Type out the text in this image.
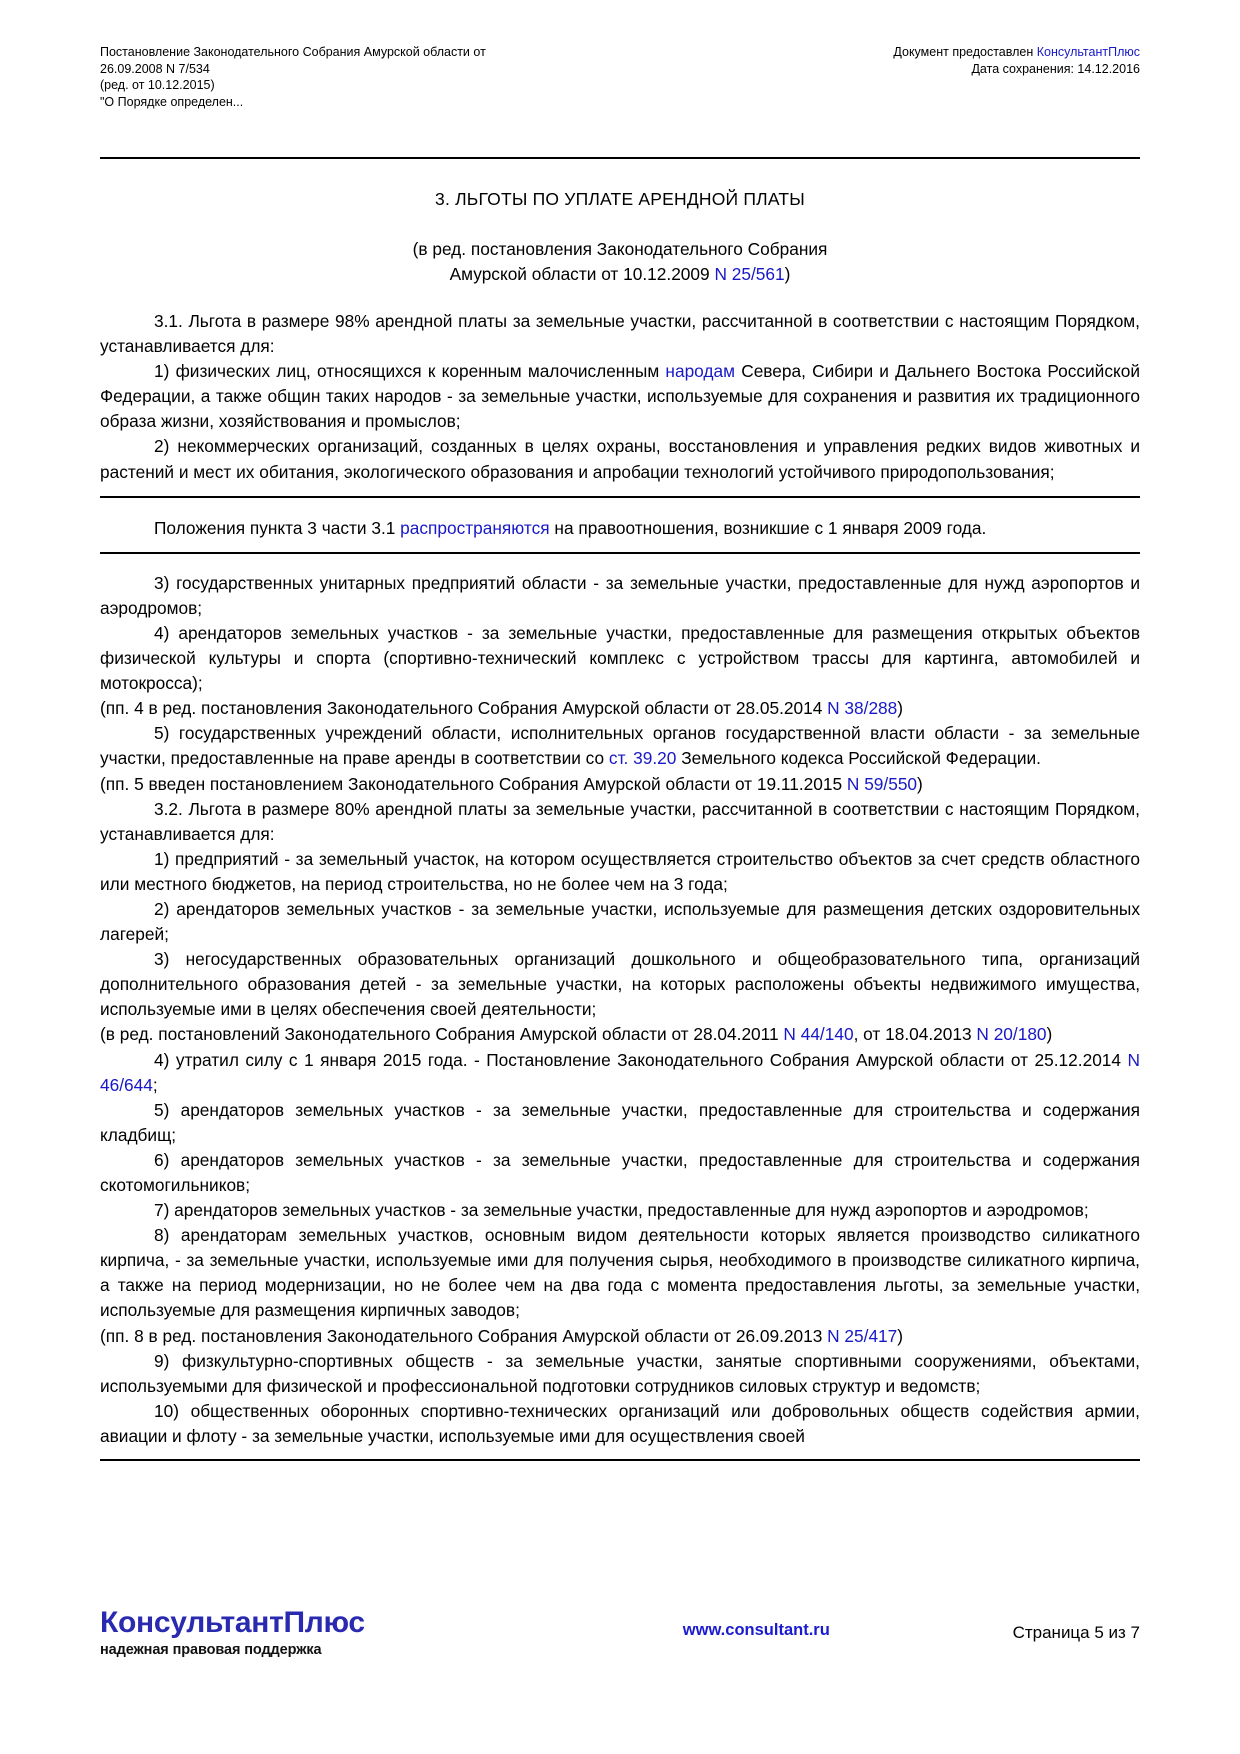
Постановление Законодательного Собрания Амурской области от
26.09.2008 N 7/534
(ред. от 10.12.2015)
"О Порядке определен...
Документ предоставлен КонсультантПлюс
Дата сохранения: 14.12.2016
3. ЛЬГОТЫ ПО УПЛАТЕ АРЕНДНОЙ ПЛАТЫ
(в ред. постановления Законодательного Собрания
Амурской области от 10.12.2009 N 25/561)

3.1. Льгота в размере 98% арендной платы за земельные участки, рассчитанной в соответствии с настоящим Порядком, устанавливается для:

1) физических лиц, относящихся к коренным малочисленным народам Севера, Сибири и Дальнего Востока Российской Федерации, а также общин таких народов - за земельные участки, используемые для сохранения и развития их традиционного образа жизни, хозяйствования и промыслов;

2) некоммерческих организаций, созданных в целях охраны, восстановления и управления редких видов животных и растений и мест их обитания, экологического образования и апробации технологий устойчивого природопользования;

Положения пункта 3 части 3.1 распространяются на правоотношения, возникшие с 1 января 2009 года.

3) государственных унитарных предприятий области - за земельные участки, предоставленные для нужд аэропортов и аэродромов;

4) арендаторов земельных участков - за земельные участки, предоставленные для размещения открытых объектов физической культуры и спорта (спортивно-технический комплекс с устройством трассы для картинга, автомобилей и мотокросса);

(пп. 4 в ред. постановления Законодательного Собрания Амурской области от 28.05.2014 N 38/288)

5) государственных учреждений области, исполнительных органов государственной власти области - за земельные участки, предоставленные на праве аренды в соответствии со ст. 39.20 Земельного кодекса Российской Федерации.

(пп. 5 введен постановлением Законодательного Собрания Амурской области от 19.11.2015 N 59/550)

3.2. Льгота в размере 80% арендной платы за земельные участки, рассчитанной в соответствии с настоящим Порядком, устанавливается для:

1) предприятий - за земельный участок, на котором осуществляется строительство объектов за счет средств областного или местного бюджетов, на период строительства, но не более чем на 3 года;

2) арендаторов земельных участков - за земельные участки, используемые для размещения детских оздоровительных лагерей;

3) негосударственных образовательных организаций дошкольного и общеобразовательного типа, организаций дополнительного образования детей - за земельные участки, на которых расположены объекты недвижимого имущества, используемые ими в целях обеспечения своей деятельности;

(в ред. постановлений Законодательного Собрания Амурской области от 28.04.2011 N 44/140, от 18.04.2013 N 20/180)

4) утратил силу с 1 января 2015 года. - Постановление Законодательного Собрания Амурской области от 25.12.2014 N 46/644;

5) арендаторов земельных участков - за земельные участки, предоставленные для строительства и содержания кладбищ;

6) арендаторов земельных участков - за земельные участки, предоставленные для строительства и содержания скотомогильников;

7) арендаторов земельных участков - за земельные участки, предоставленные для нужд аэропортов и аэродромов;

8) арендаторам земельных участков, основным видом деятельности которых является производство силикатного кирпича, - за земельные участки, используемые ими для получения сырья, необходимого в производстве силикатного кирпича, а также на период модернизации, но не более чем на два года с момента предоставления льготы, за земельные участки, используемые для размещения кирпичных заводов;

(пп. 8 в ред. постановления Законодательного Собрания Амурской области от 26.09.2013 N 25/417)

9) физкультурно-спортивных обществ - за земельные участки, занятые спортивными сооружениями, объектами, используемыми для физической и профессиональной подготовки сотрудников силовых структур и ведомств;

10) общественных оборонных спортивно-технических организаций или добровольных обществ содействия армии, авиации и флоту - за земельные участки, используемые ими для осуществления своей

КонсультантПлюс
надежная правовая поддержка
www.consultant.ru	Страница 5 из 7
